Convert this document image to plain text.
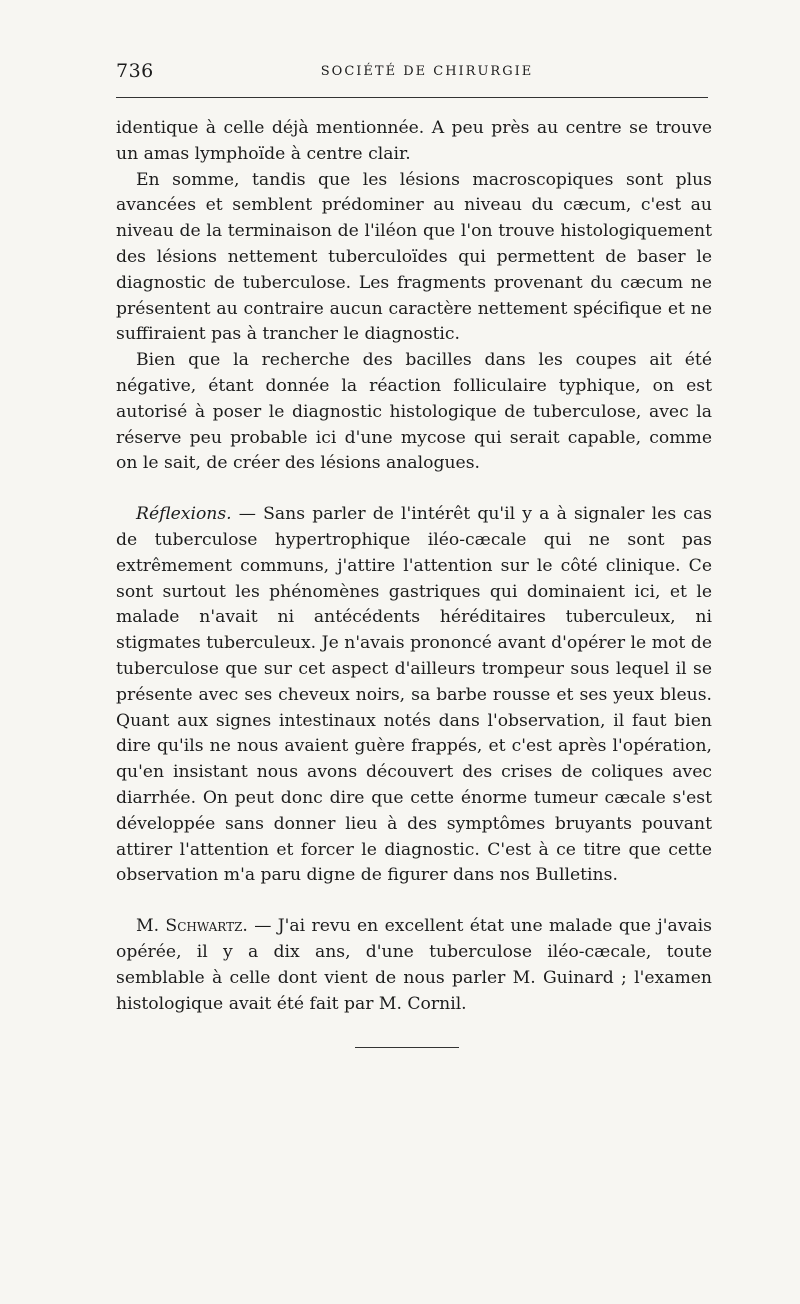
736	SOCIÉTÉ DE CHIRURGIE

identique à celle déjà mentionnée. A peu près au centre se trouve un amas lymphoïde à centre clair.

En somme, tandis que les lésions macroscopiques sont plus avancées et semblent prédominer au niveau du cæcum, c'est au niveau de la terminaison de l'iléon que l'on trouve histologiquement des lésions nettement tuberculoïdes qui permettent de baser le diagnostic de tuberculose. Les fragments provenant du cæcum ne présentent au contraire aucun caractère nettement spécifique et ne suffiraient pas à trancher le diagnostic.

Bien que la recherche des bacilles dans les coupes ait été négative, étant donnée la réaction folliculaire typhique, on est autorisé à poser le diagnostic histologique de tuberculose, avec la réserve peu probable ici d'une mycose qui serait capable, comme on le sait, de créer des lésions analogues.

Réflexions. — Sans parler de l'intérêt qu'il y a à signaler les cas de tuberculose hypertrophique iléo-cæcale qui ne sont pas extrêmement communs, j'attire l'attention sur le côté clinique. Ce sont surtout les phénomènes gastriques qui dominaient ici, et le malade n'avait ni antécédents héréditaires tuberculeux, ni stigmates tuberculeux. Je n'avais prononcé avant d'opérer le mot de tuberculose que sur cet aspect d'ailleurs trompeur sous lequel il se présente avec ses cheveux noirs, sa barbe rousse et ses yeux bleus. Quant aux signes intestinaux notés dans l'observation, il faut bien dire qu'ils ne nous avaient guère frappés, et c'est après l'opération, qu'en insistant nous avons découvert des crises de coliques avec diarrhée. On peut donc dire que cette énorme tumeur cæcale s'est développée sans donner lieu à des symptômes bruyants pouvant attirer l'attention et forcer le diagnostic. C'est à ce titre que cette observation m'a paru digne de figurer dans nos Bulletins.

M. Schwartz. — J'ai revu en excellent état une malade que j'avais opérée, il y a dix ans, d'une tuberculose iléo-cæcale, toute semblable à celle dont vient de nous parler M. Guinard ; l'examen histologique avait été fait par M. Cornil.
